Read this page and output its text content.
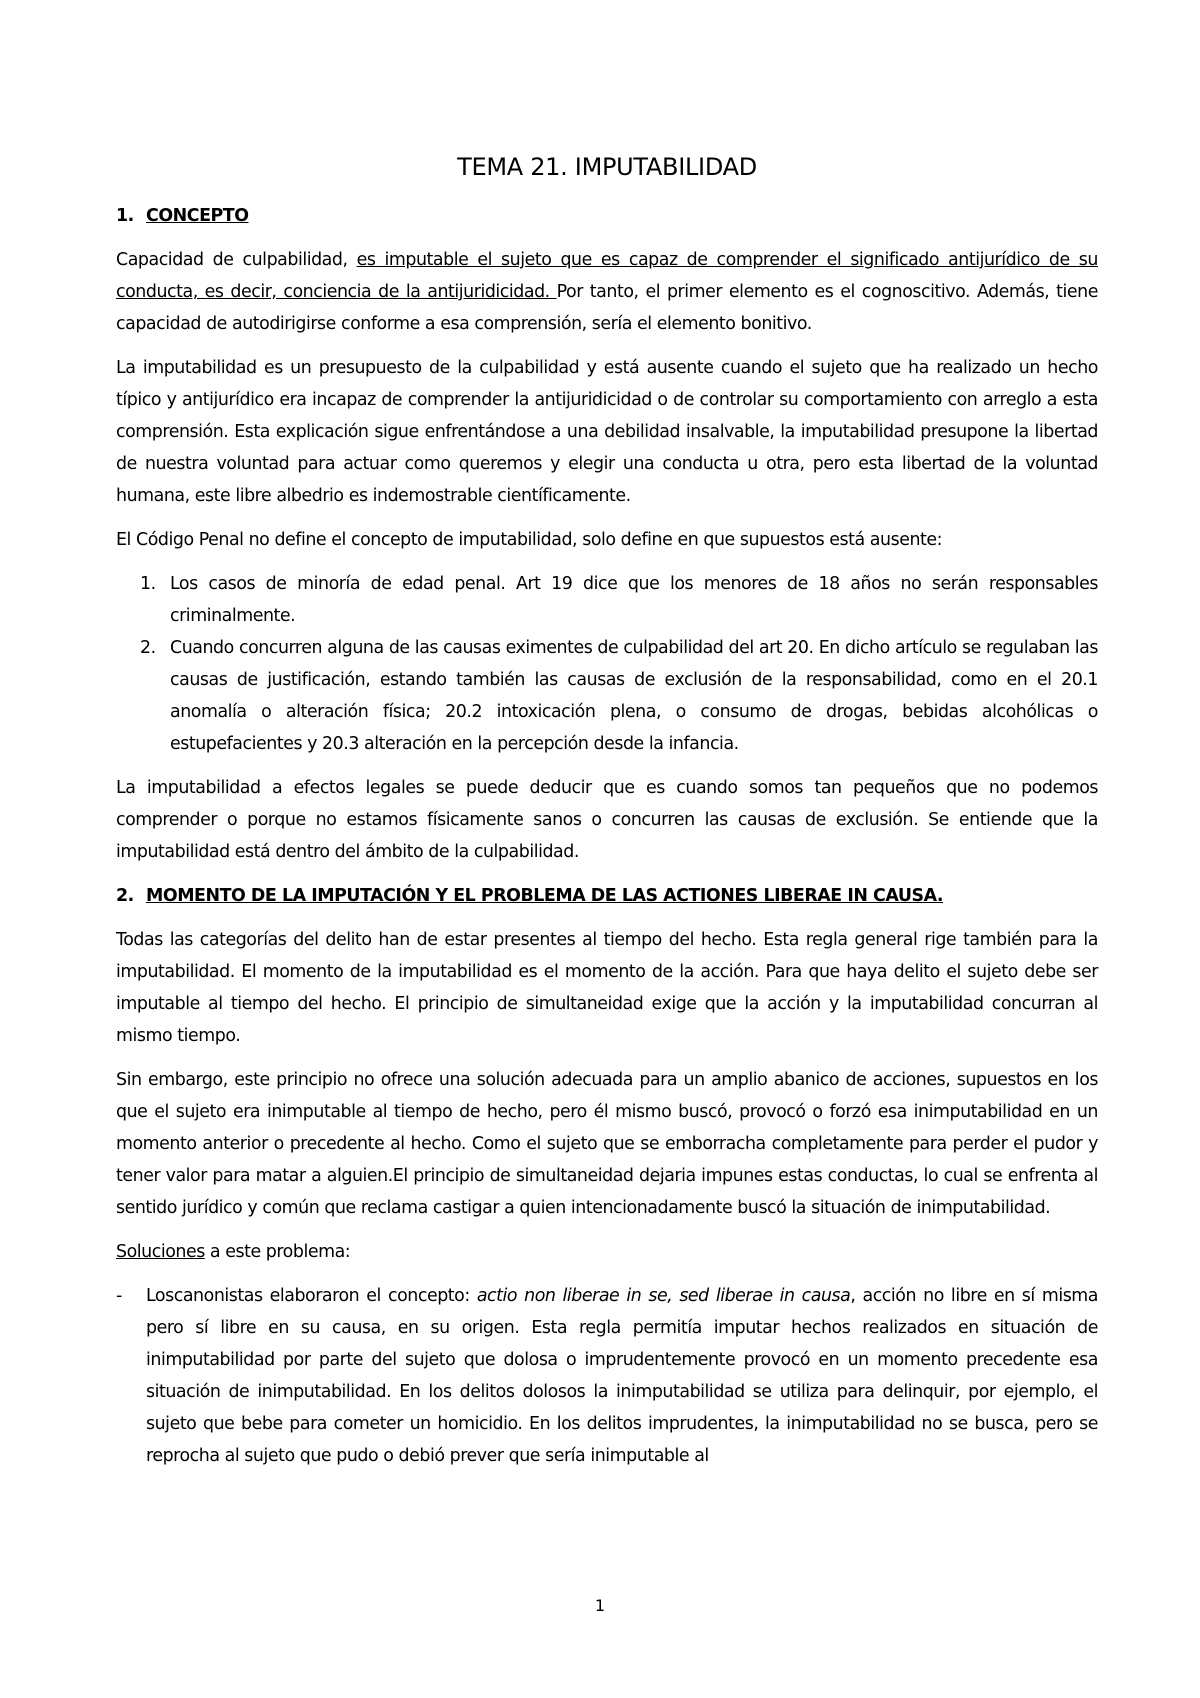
TEMA 21. IMPUTABILIDAD
1. CONCEPTO

Capacidad de culpabilidad, es imputable el sujeto que es capaz de comprender el significado antijurídico de su conducta, es decir, conciencia de la antijuridicidad. Por tanto, el primer elemento es el cognoscitivo. Además, tiene capacidad de autodirigirse conforme a esa comprensión, sería el elemento bonitivo.

La imputabilidad es un presupuesto de la culpabilidad y está ausente cuando el sujeto que ha realizado un hecho típico y antijurídico era incapaz de comprender la antijuridicidad o de controlar su comportamiento con arreglo a esta comprensión. Esta explicación sigue enfrentándose a una debilidad insalvable, la imputabilidad presupone la libertad de nuestra voluntad para actuar como queremos y elegir una conducta u otra, pero esta libertad de la voluntad humana, este libre albedrio es indemostrable científicamente.

El Código Penal no define el concepto de imputabilidad, solo define en que supuestos está ausente:

1. Los casos de minoría de edad penal. Art 19 dice que los menores de 18 años no serán responsables criminalmente.
2. Cuando concurren alguna de las causas eximentes de culpabilidad del art 20. En dicho artículo se regulaban las causas de justificación, estando también las causas de exclusión de la responsabilidad, como en el 20.1 anomalía o alteración física; 20.2 intoxicación plena, o consumo de drogas, bebidas alcohólicas o estupefacientes y 20.3 alteración en la percepción desde la infancia.

La imputabilidad a efectos legales se puede deducir que es cuando somos tan pequeños que no podemos comprender o porque no estamos físicamente sanos o concurren las causas de exclusión. Se entiende que la imputabilidad está dentro del ámbito de la culpabilidad.

2. MOMENTO DE LA IMPUTACIÓN Y EL PROBLEMA DE LAS ACTIONES LIBERAE IN CAUSA.

Todas las categorías del delito han de estar presentes al tiempo del hecho. Esta regla general rige también para la imputabilidad. El momento de la imputabilidad es el momento de la acción. Para que haya delito el sujeto debe ser imputable al tiempo del hecho. El principio de simultaneidad exige que la acción y la imputabilidad concurran al mismo tiempo.

Sin embargo, este principio no ofrece una solución adecuada para un amplio abanico de acciones, supuestos en los que el sujeto era inimputable al tiempo de hecho, pero él mismo buscó, provocó o forzó esa inimputabilidad en un momento anterior o precedente al hecho. Como el sujeto que se emborracha completamente para perder el pudor y tener valor para matar a alguien.El principio de simultaneidad dejaria impunes estas conductas, lo cual se enfrenta al sentido jurídico y común que reclama castigar a quien intencionadamente buscó la situación de inimputabilidad.

Soluciones a este problema:

-	Loscanonistas elaboraron el concepto: actio non liberae in se, sed liberae in causa, acción no libre en sí misma pero sí libre en su causa, en su origen. Esta regla permitía imputar hechos realizados en situación de inimputabilidad por parte del sujeto que dolosa o imprudentemente provocó en un momento precedente esa situación de inimputabilidad. En los delitos dolosos la inimputabilidad se utiliza para delinquir, por ejemplo, el sujeto que bebe para cometer un homicidio. En los delitos imprudentes, la inimputabilidad no se busca, pero se reprocha al sujeto que pudo o debió prever que sería inimputable al
1
